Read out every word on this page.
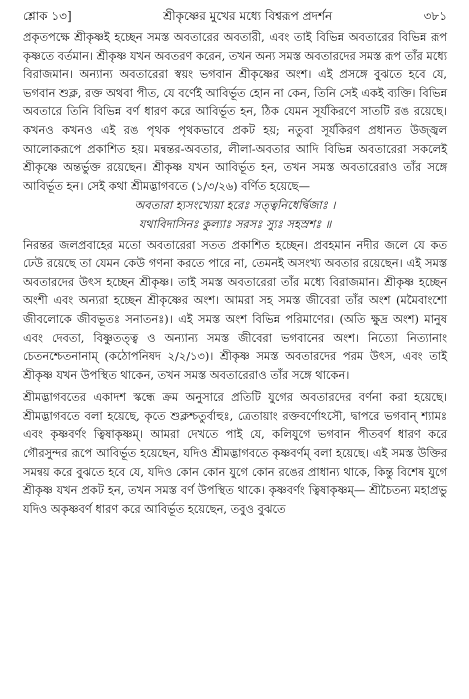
শ্লোক ১৩]	শ্রীকৃষ্ণের মুখের মধ্যে বিশ্বরূপ প্রদর্শন	৩৮১

প্রকৃতপক্ষে শ্রীকৃষ্ণই হচ্ছেন সমস্ত অবতারের অবতারী, এবং তাই বিভিন্ন অবতারের বিভিন্ন রূপ কৃষ্ণতে বর্তমান। শ্রীকৃষ্ণ যখন অবতরণ করেন, তখন অন্য সমস্ত অবতারদের সমস্ত রূপ তাঁর মধ্যে বিরাজমান। অন্যান্য অবতারেরা স্বয়ং ভগবান শ্রীকৃষ্ণের অংশ। এই প্রসঙ্গে বুঝতে হবে যে, ভগবান শুক্ল, রক্ত অথবা পীত, যে বর্ণেই আবির্ভূত হোন না কেন, তিনি সেই একই ব্যক্তি। বিভিন্ন অবতারে তিনি বিভিন্ন বর্ণ ধারণ করে আবির্ভূত হন, ঠিক যেমন সূর্যকিরণে সাতটি রঙ রয়েছে। কখনও কখনও এই রঙ পৃথক পৃথকভাবে প্রকট হয়; নতুবা সূর্যকিরণ প্রধানত উজ্জ্বল আলোকরূপে প্রকাশিত হয়। মন্বন্তর-অবতার, লীলা-অবতার আদি বিভিন্ন অবতারেরা সকলেই শ্রীকৃষ্ণে অন্তর্ভুক্ত রয়েছেন। শ্রীকৃষ্ণ যখন আবির্ভূত হন, তখন সমস্ত অবতারেরাও তাঁর সঙ্গে আবির্ভূত হন। সেই কথা শ্রীমদ্ভাগবতে (১/৩/২৬) বর্ণিত হয়েছে—

অবতারা হ্যসংখ্যেয়া হরেঃ সত্ত্বনিধের্দ্বিজাঃ ।
যথাবিদাসিনঃ কুল্যাঃ সরসঃ স্যুঃ সহস্রশঃ ॥

নিরন্তর জলপ্রবাহের মতো অবতারেরা সতত প্রকাশিত হচ্ছেন। প্রবহমান নদীর জলে যে কত ঢেউ রয়েছে তা যেমন কেউ গণনা করতে পারে না, তেমনই অসংখ্য অবতার রয়েছেন। এই সমস্ত অবতারদের উৎস হচ্ছেন শ্রীকৃষ্ণ। তাই সমস্ত অবতারেরা তাঁর মধ্যে বিরাজমান। শ্রীকৃষ্ণ হচ্ছেন অংশী এবং অন্যরা হচ্ছেন শ্রীকৃষ্ণের অংশ। আমরা সহ সমস্ত জীবেরা তাঁর অংশ (মমৈবাংশো জীবলোকে জীবভূতঃ সনাতনঃ)। এই সমস্ত অংশ বিভিন্ন পরিমাণের। (অতি ক্ষুদ্র অংশ) মানুষ এবং দেবতা, বিষ্ণুতত্ত্ব ও অন্যান্য সমস্ত জীবেরা ভগবানের অংশ। নিত্যো নিত্যানাং চেতনশ্চেতনানাম্ (কঠোপনিষদ ২/২/১৩)। শ্রীকৃষ্ণ সমস্ত অবতারদের পরম উৎস, এবং তাই শ্রীকৃষ্ণ যখন উপস্থিত থাকেন, তখন সমস্ত অবতারেরাও তাঁর সঙ্গে থাকেন।

শ্রীমদ্ভাগবতের একাদশ স্কন্ধে ক্রম অনুসারে প্রতিটি যুগের অবতারদের বর্ণনা করা হয়েছে। শ্রীমদ্ভাগবতে বলা হয়েছে, কৃতে শুক্লশ্চতুর্বাহুঃ, ত্রেতায়াং রক্তবর্ণোঽসৌ, দ্বাপরে ভগবান্ শ্যামঃ এবং কৃষ্ণবর্ণং ত্বিষাকৃষ্ণম্। আমরা দেখতে পাই যে, কলিযুগে ভগবান পীতবর্ণ ধারণ করে গৌরসুন্দর রূপে আবির্ভূত হয়েছেন, যদিও শ্রীমদ্ভাগবতে কৃষ্ণবর্ণম্ বলা হয়েছে। এই সমস্ত উক্তির সমন্বয় করে বুঝতে হবে যে, যদিও কোন কোন যুগে কোন রঙের প্রাধান্য থাকে, কিন্তু বিশেষ যুগে শ্রীকৃষ্ণ যখন প্রকট হন, তখন সমস্ত বর্ণ উপস্থিত থাকে। কৃষ্ণবর্ণং ত্বিষাকৃষ্ণম্— শ্রীচৈতন্য মহাপ্রভু যদিও অকৃষ্ণবর্ণ ধারণ করে আবির্ভূত হয়েছেন, তবুও বুঝতে
